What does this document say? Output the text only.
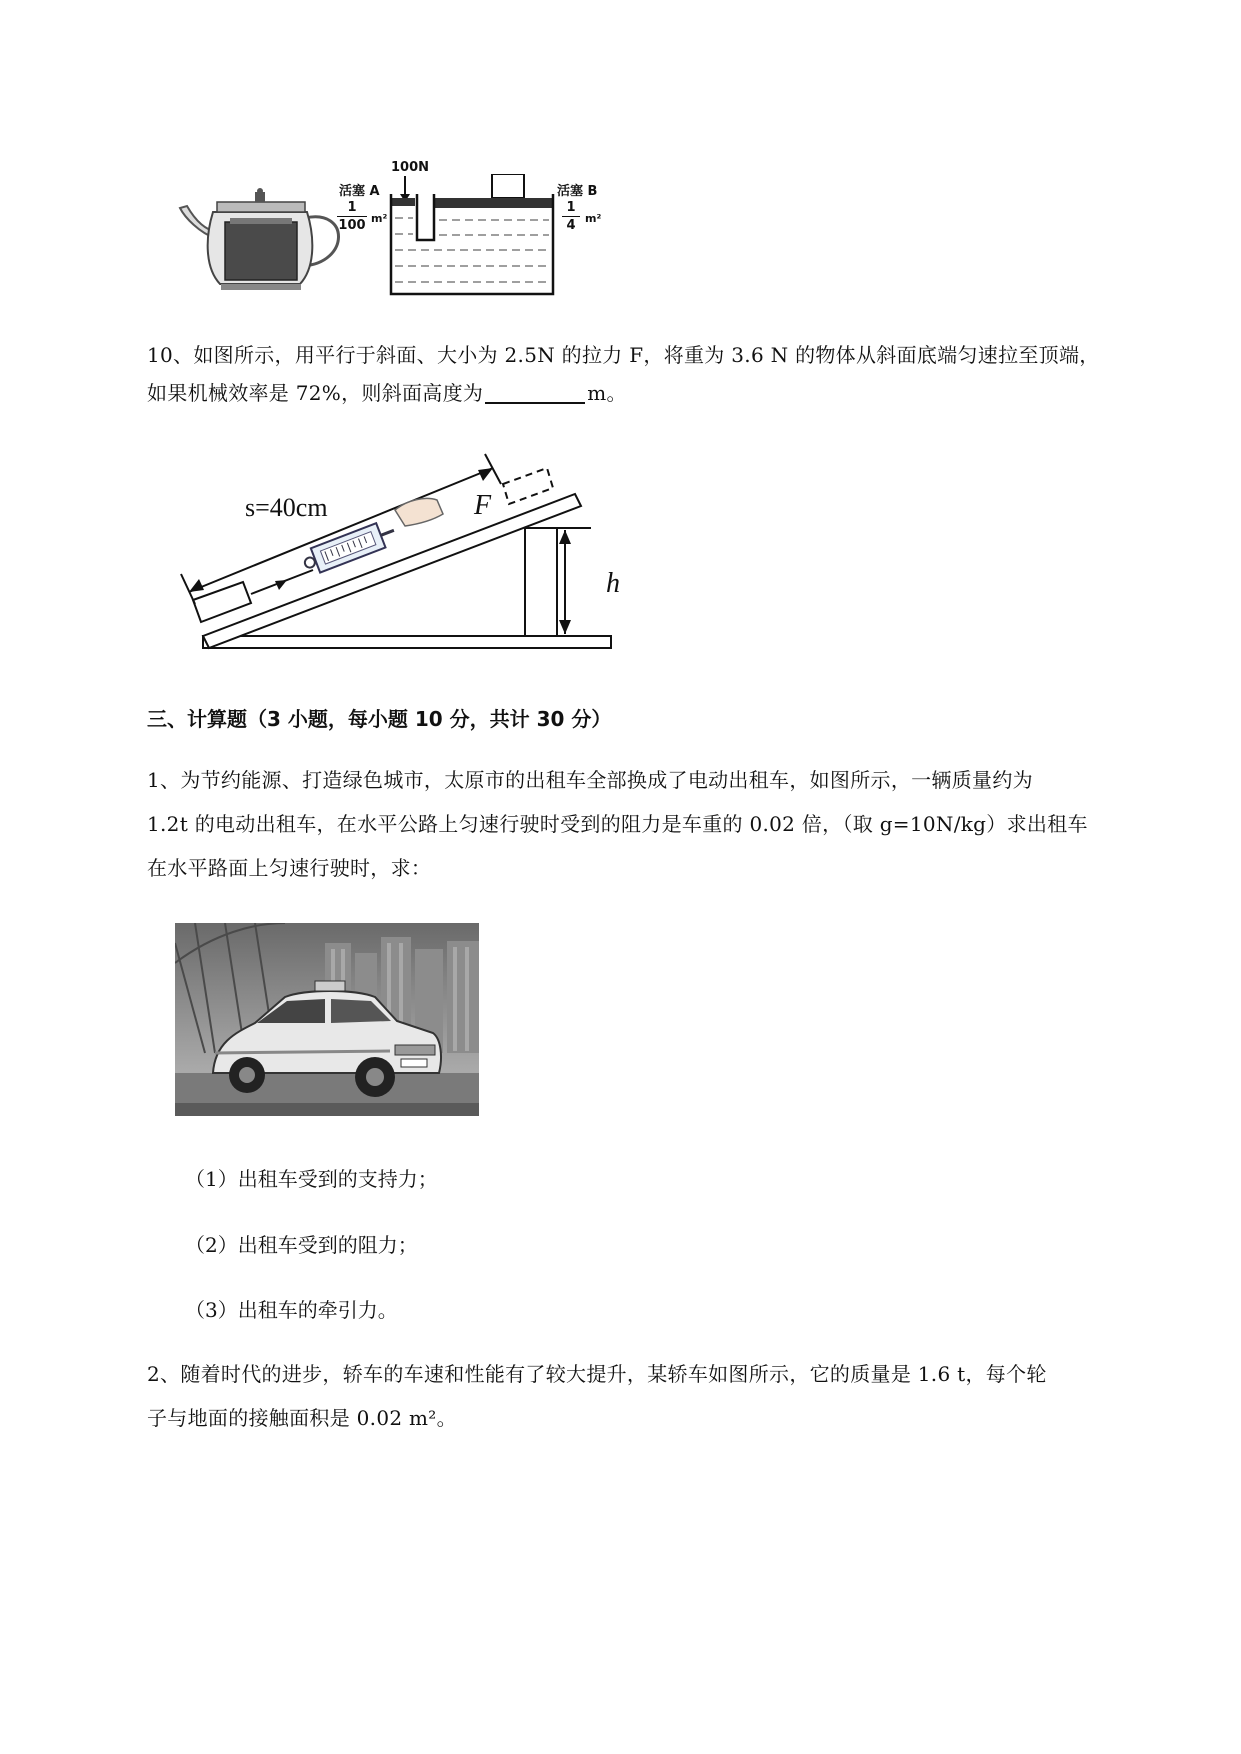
100N
活塞 A
1
100 m²
活塞 B
1
4 m²
10、如图所示，用平行于斜面、大小为 2.5N 的拉力 F，将重为 3.6 N 的物体从斜面底端匀速拉至顶端，
如果机械效率是 72%，则斜面高度为	m。
s=40cm	F
h
三、计算题（3 小题，每小题 10 分，共计 30 分）
1、为节约能源、打造绿色城市，太原市的出租车全部换成了电动出租车，如图所示，一辆质量约为
1.2t 的电动出租车，在水平公路上匀速行驶时受到的阻力是车重的 0.02 倍，（取 g=10N/kg）求出租车
在水平路面上匀速行驶时，求：
（1）出租车受到的支持力；
（2）出租车受到的阻力；
（3）出租车的牵引力。
2、随着时代的进步，轿车的车速和性能有了较大提升，某轿车如图所示，它的质量是 1.6 t，每个轮
子与地面的接触面积是 0.02 m²。
